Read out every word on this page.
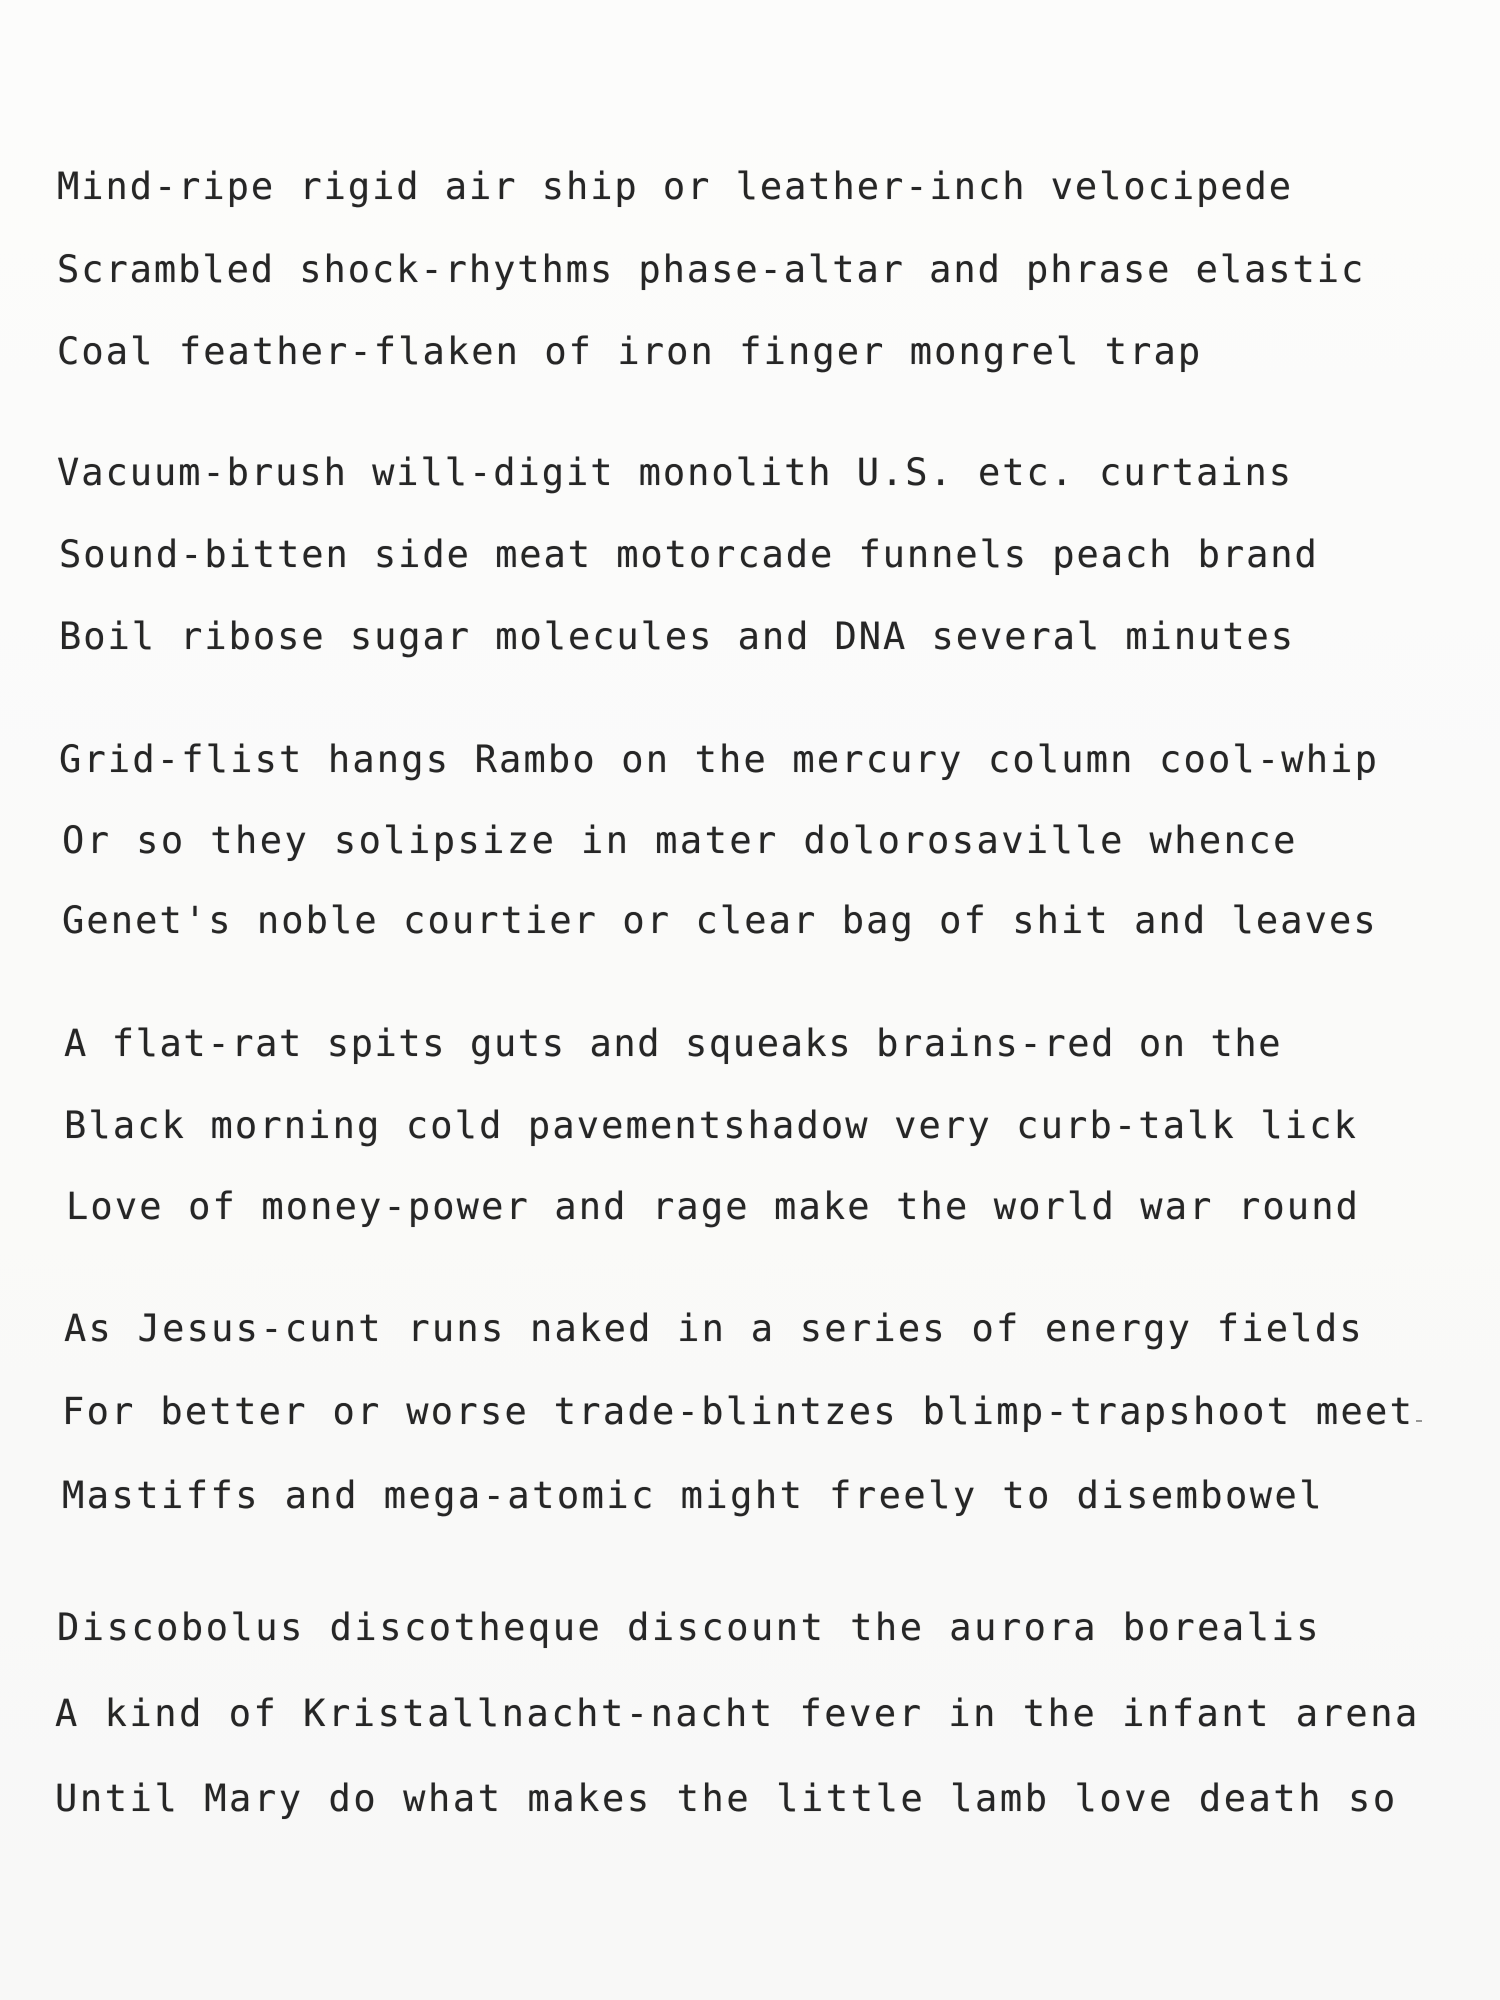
Mind-ripe rigid air ship or leather-inch velocipede

Scrambled shock-rhythms phase-altar and phrase elastic

Coal feather-flaken of iron finger mongrel trap

Vacuum-brush will-digit monolith U.S. etc. curtains

Sound-bitten side meat motorcade funnels peach brand

Boil ribose sugar molecules and DNA several minutes

Grid-flist hangs Rambo on the mercury column cool-whip

Or so they solipsize in mater dolorosaville whence

Genet's noble courtier or clear bag of shit and leaves

A flat-rat spits guts and squeaks brains-red on the

Black morning cold pavementshadow very curb-talk lick

Love of money-power and rage make the world war round

As Jesus-cunt runs naked in a series of energy fields

For better or worse trade-blintzes blimp-trapshoot meet

Mastiffs and mega-atomic might freely to disembowel

Discobolus discotheque discount the aurora borealis

A kind of Kristallnacht-nacht fever in the infant arena

Until Mary do what makes the little lamb love death so
